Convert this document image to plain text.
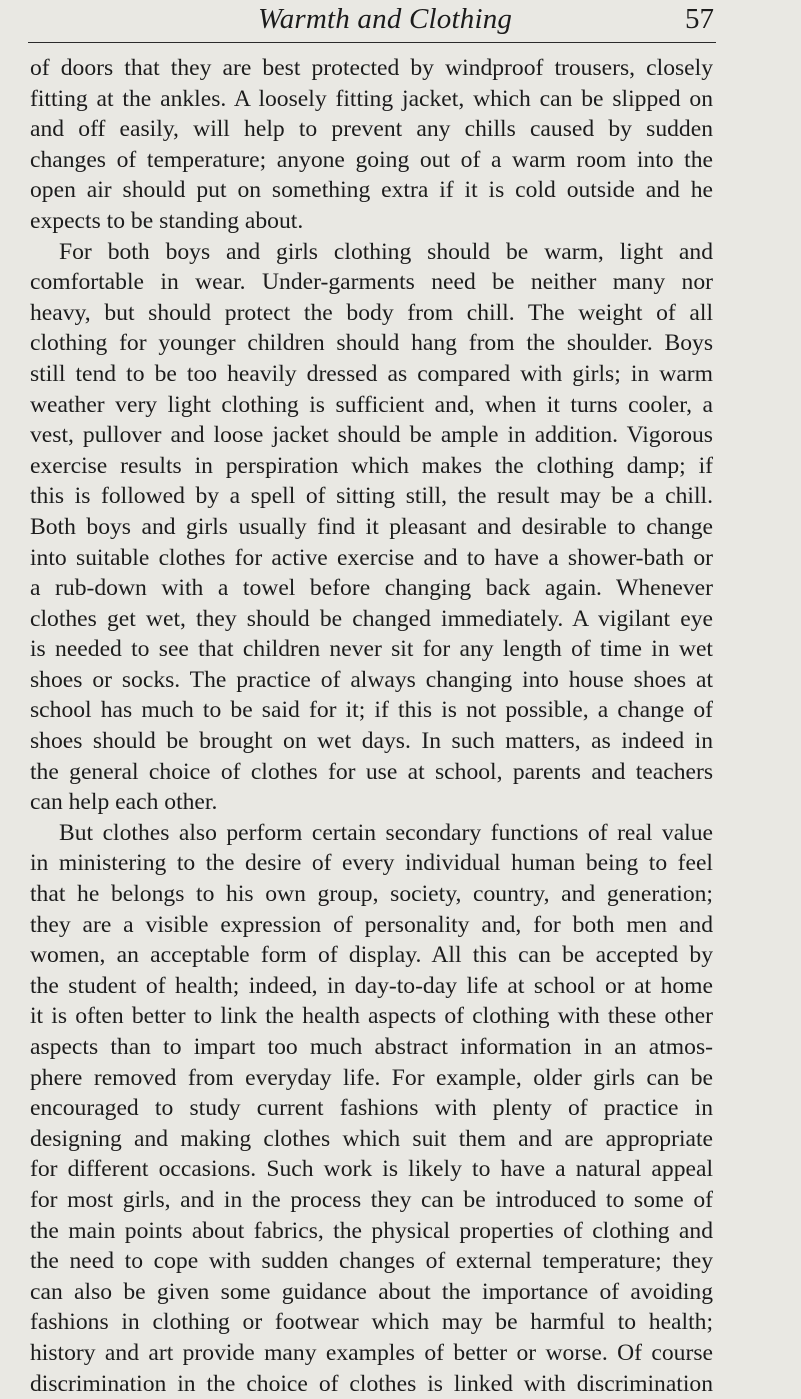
Warmth and Clothing	57
of doors that they are best protected by windproof trousers, closely
fitting at the ankles. A loosely fitting jacket, which can be slipped on
and off easily, will help to prevent any chills caused by sudden
changes of temperature; anyone going out of a warm room into the
open air should put on something extra if it is cold outside and he
expects to be standing about.
For both boys and girls clothing should be warm, light and
comfortable in wear. Under-garments need be neither many nor
heavy, but should protect the body from chill. The weight of all
clothing for younger children should hang from the shoulder. Boys
still tend to be too heavily dressed as compared with girls; in warm
weather very light clothing is sufficient and, when it turns cooler, a
vest, pullover and loose jacket should be ample in addition. Vigorous
exercise results in perspiration which makes the clothing damp; if
this is followed by a spell of sitting still, the result may be a chill.
Both boys and girls usually find it pleasant and desirable to change
into suitable clothes for active exercise and to have a shower-bath or
a rub-down with a towel before changing back again. Whenever
clothes get wet, they should be changed immediately. A vigilant eye
is needed to see that children never sit for any length of time in wet
shoes or socks. The practice of always changing into house shoes at
school has much to be said for it; if this is not possible, a change of
shoes should be brought on wet days. In such matters, as indeed in
the general choice of clothes for use at school, parents and teachers
can help each other.
But clothes also perform certain secondary functions of real value
in ministering to the desire of every individual human being to feel
that he belongs to his own group, society, country, and generation;
they are a visible expression of personality and, for both men and
women, an acceptable form of display. All this can be accepted by
the student of health; indeed, in day-to-day life at school or at home
it is often better to link the health aspects of clothing with these other
aspects than to impart too much abstract information in an atmos-
phere removed from everyday life. For example, older girls can be
encouraged to study current fashions with plenty of practice in
designing and making clothes which suit them and are appropriate
for different occasions. Such work is likely to have a natural appeal
for most girls, and in the process they can be introduced to some of
the main points about fabrics, the physical properties of clothing and
the need to cope with sudden changes of external temperature; they
can also be given some guidance about the importance of avoiding
fashions in clothing or footwear which may be harmful to health;
history and art provide many examples of better or worse. Of course
discrimination in the choice of clothes is linked with discrimination
